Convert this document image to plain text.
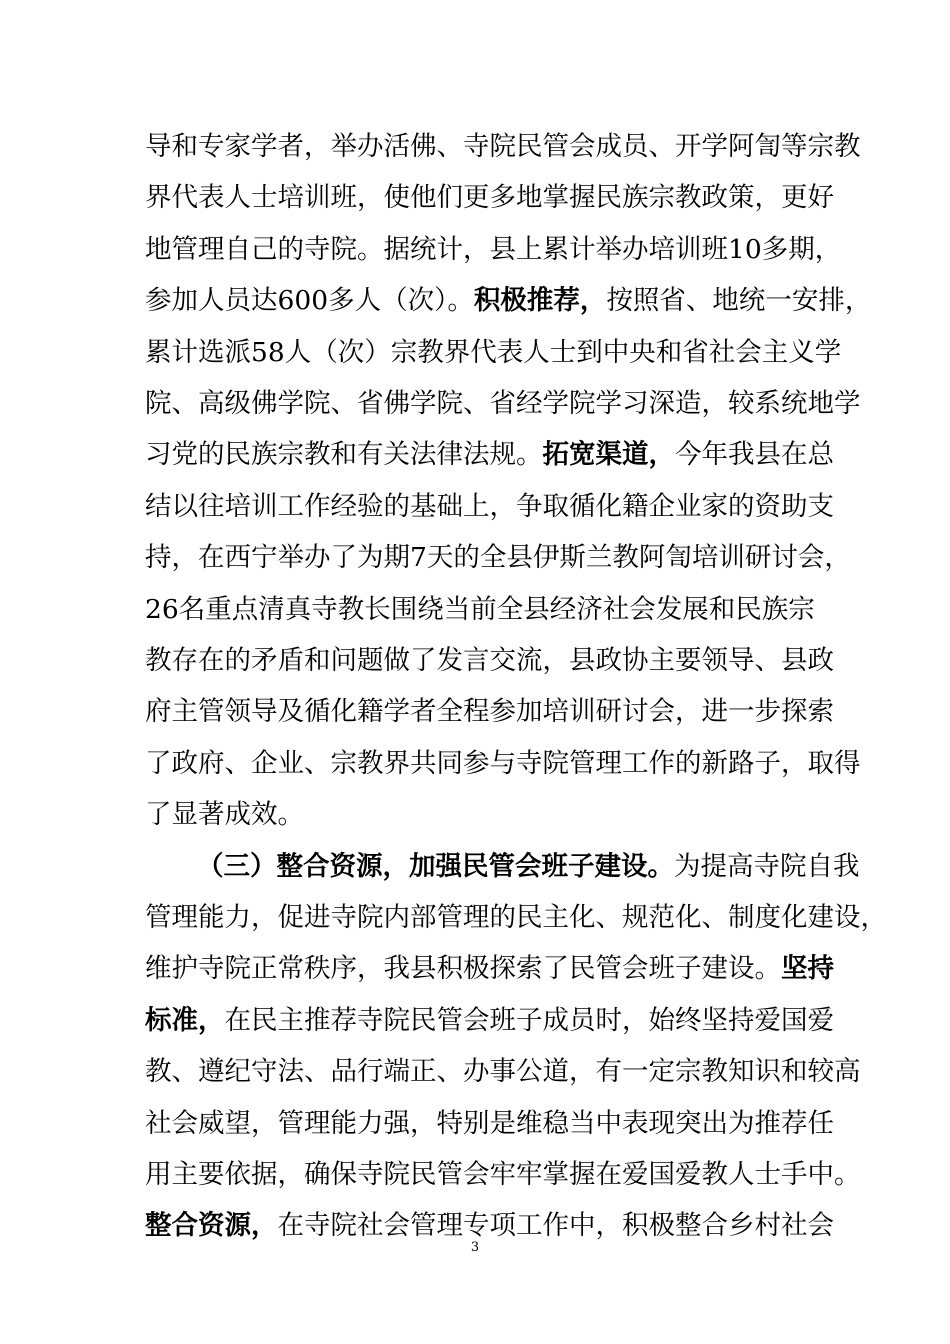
导和专家学者，举办活佛、寺院民管会成员、开学阿訇等宗教
界代表人士培训班，使他们更多地掌握民族宗教政策，更好
地管理自己的寺院。据统计，县上累计举办培训班10多期，
参加人员达600多人（次）。积极推荐，按照省、地统一安排，
累计选派58人（次）宗教界代表人士到中央和省社会主义学
院、高级佛学院、省佛学院、省经学院学习深造，较系统地学
习党的民族宗教和有关法律法规。拓宽渠道，今年我县在总
结以往培训工作经验的基础上，争取循化籍企业家的资助支
持，在西宁举办了为期7天的全县伊斯兰教阿訇培训研讨会，
26名重点清真寺教长围绕当前全县经济社会发展和民族宗
教存在的矛盾和问题做了发言交流，县政协主要领导、县政
府主管领导及循化籍学者全程参加培训研讨会，进一步探索
了政府、企业、宗教界共同参与寺院管理工作的新路子，取得
了显著成效。
（三）整合资源，加强民管会班子建设。为提高寺院自我
管理能力，促进寺院内部管理的民主化、规范化、制度化建设，
维护寺院正常秩序，我县积极探索了民管会班子建设。坚持
标准，在民主推荐寺院民管会班子成员时，始终坚持爱国爱
教、遵纪守法、品行端正、办事公道，有一定宗教知识和较高
社会威望，管理能力强，特别是维稳当中表现突出为推荐任
用主要依据，确保寺院民管会牢牢掌握在爱国爱教人士手中。
整合资源，在寺院社会管理专项工作中，积极整合乡村社会
3
